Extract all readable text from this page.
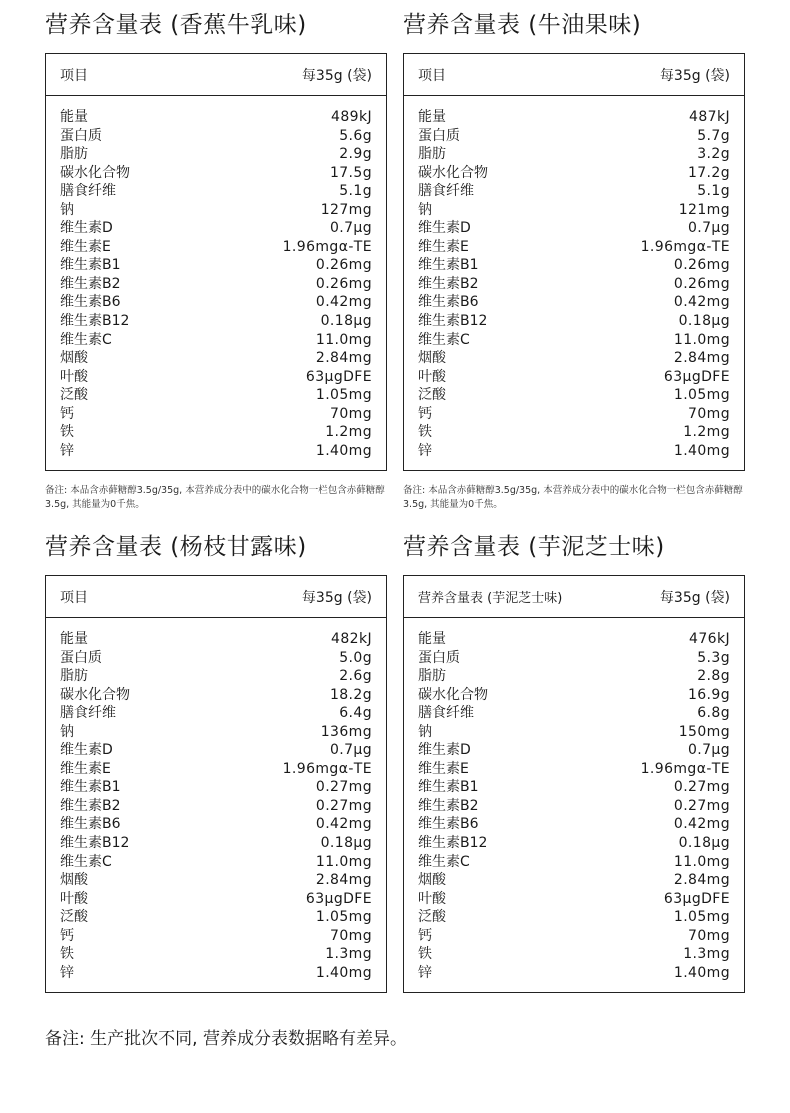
营养含量表 (香蕉牛乳味)
项目	每35g (袋)
能量	489kJ
蛋白质	5.6g
脂肪	2.9g
碳水化合物	17.5g
膳食纤维	5.1g
钠	127mg
维生素D	0.7μg
维生素E	1.96mgα-TE
维生素B1	0.26mg
维生素B2	0.26mg
维生素B6	0.42mg
维生素B12	0.18μg
维生素C	11.0mg
烟酸	2.84mg
叶酸	63μgDFE
泛酸	1.05mg
钙	70mg
铁	1.2mg
锌	1.40mg
备注: 本品含赤藓糖醇3.5g/35g, 本营养成分表中的碳水化合物一栏包含赤藓糖醇3.5g, 其能量为0千焦。
营养含量表 (牛油果味)
项目	每35g (袋)
能量	487kJ
蛋白质	5.7g
脂肪	3.2g
碳水化合物	17.2g
膳食纤维	5.1g
钠	121mg
维生素D	0.7μg
维生素E	1.96mgα-TE
维生素B1	0.26mg
维生素B2	0.26mg
维生素B6	0.42mg
维生素B12	0.18μg
维生素C	11.0mg
烟酸	2.84mg
叶酸	63μgDFE
泛酸	1.05mg
钙	70mg
铁	1.2mg
锌	1.40mg
备注: 本品含赤藓糖醇3.5g/35g, 本营养成分表中的碳水化合物一栏包含赤藓糖醇3.5g, 其能量为0千焦。
营养含量表 (杨枝甘露味)
项目	每35g (袋)
能量	482kJ
蛋白质	5.0g
脂肪	2.6g
碳水化合物	18.2g
膳食纤维	6.4g
钠	136mg
维生素D	0.7μg
维生素E	1.96mgα-TE
维生素B1	0.27mg
维生素B2	0.27mg
维生素B6	0.42mg
维生素B12	0.18μg
维生素C	11.0mg
烟酸	2.84mg
叶酸	63μgDFE
泛酸	1.05mg
钙	70mg
铁	1.3mg
锌	1.40mg
营养含量表 (芋泥芝士味)
营养含量表 (芋泥芝士味)	每35g (袋)
能量	476kJ
蛋白质	5.3g
脂肪	2.8g
碳水化合物	16.9g
膳食纤维	6.8g
钠	150mg
维生素D	0.7μg
维生素E	1.96mgα-TE
维生素B1	0.27mg
维生素B2	0.27mg
维生素B6	0.42mg
维生素B12	0.18μg
维生素C	11.0mg
烟酸	2.84mg
叶酸	63μgDFE
泛酸	1.05mg
钙	70mg
铁	1.3mg
锌	1.40mg
备注: 生产批次不同, 营养成分表数据略有差异。
